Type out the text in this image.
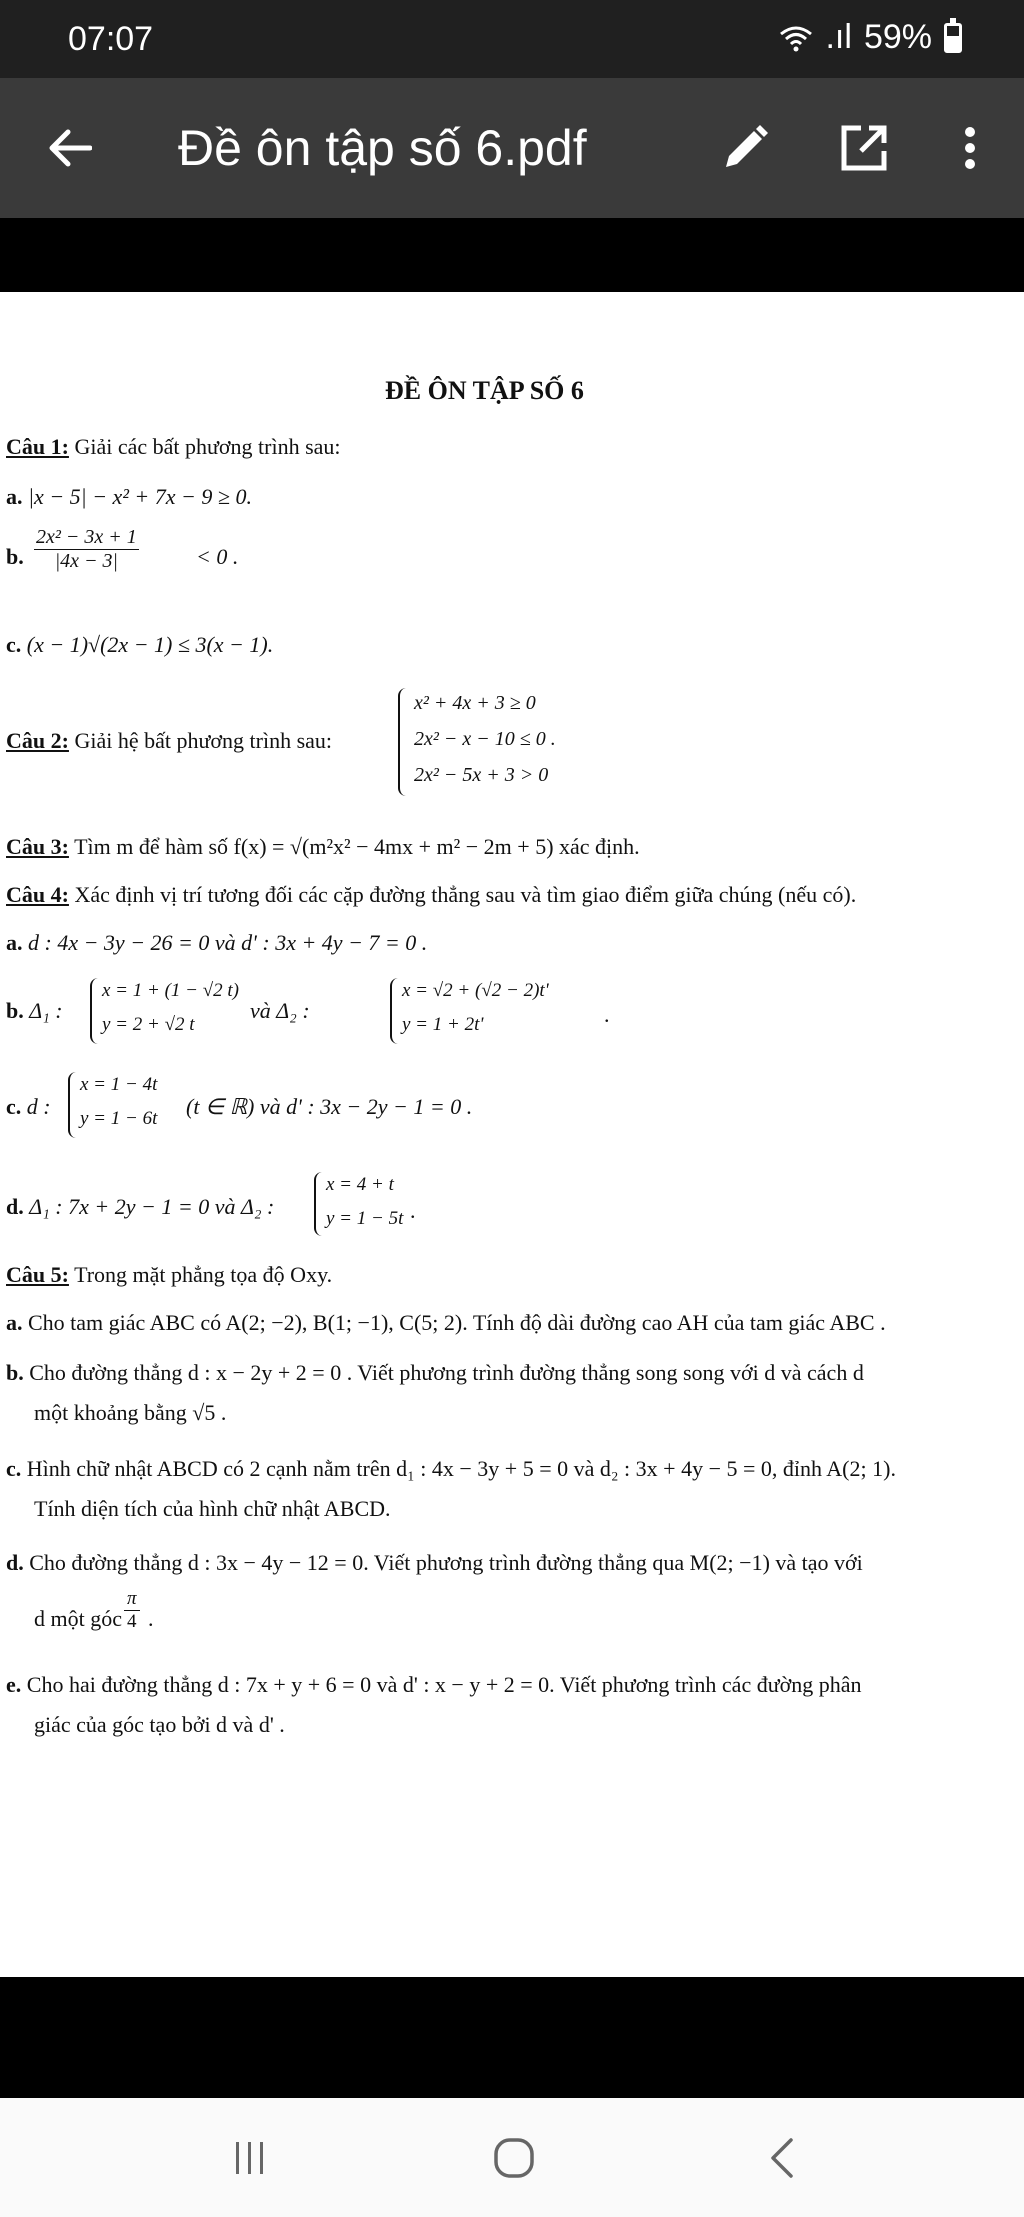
07:07	.ıl 59%
Đề ôn tập số 6.pdf
ĐỀ ÔN TẬP SỐ 6
Câu 1: Giải các bất phương trình sau:
a. |x − 5| − x² + 7x − 9 ≥ 0.
b.
2x² − 3x + 1
|4x − 3|	< 0 .
c. (x − 1)√(2x − 1) ≤ 3(x − 1).
Câu 2: Giải hệ bất phương trình sau:
x² + 4x + 3 ≥ 0
2x² − x − 10 ≤ 0 .
2x² − 5x + 3 > 0
Câu 3: Tìm m để hàm số f(x) = √(m²x² − 4mx + m² − 2m + 5) xác định.
Câu 4: Xác định vị trí tương đối các cặp đường thẳng sau và tìm giao điểm giữa chúng (nếu có).
a. d : 4x − 3y − 26 = 0 và d' : 3x + 4y − 7 = 0 .
b. Δ₁ :
x = 1 + (1 − √2 t)
y = 2 + √2 t
và Δ₂ :
x = √2 + (√2 − 2)t'
y = 1 + 2t'	.
c. d :
x = 1 − 4t
y = 1 − 6t (t ∈ ℝ) và d' : 3x − 2y − 1 = 0 .
d. Δ₁ : 7x + 2y − 1 = 0 và Δ₂ :
x = 4 + t
y = 1 − 5t .
Câu 5: Trong mặt phẳng tọa độ Oxy.
a. Cho tam giác ABC có A(2; −2), B(1; −1), C(5; 2). Tính độ dài đường cao AH của tam giác ABC .
b. Cho đường thẳng d : x − 2y + 2 = 0 . Viết phương trình đường thẳng song song với d và cách d
một khoảng bằng √5 .
c. Hình chữ nhật ABCD có 2 cạnh nằm trên d₁ : 4x − 3y + 5 = 0 và d₂ : 3x + 4y − 5 = 0, đỉnh A(2; 1).
Tính diện tích của hình chữ nhật ABCD.
d. Cho đường thẳng d : 3x − 4y − 12 = 0. Viết phương trình đường thẳng qua M(2; −1) và tạo với
d một góc
π
4 .
e. Cho hai đường thẳng d : 7x + y + 6 = 0 và d' : x − y + 2 = 0. Viết phương trình các đường phân
giác của góc tạo bởi d và d' .
